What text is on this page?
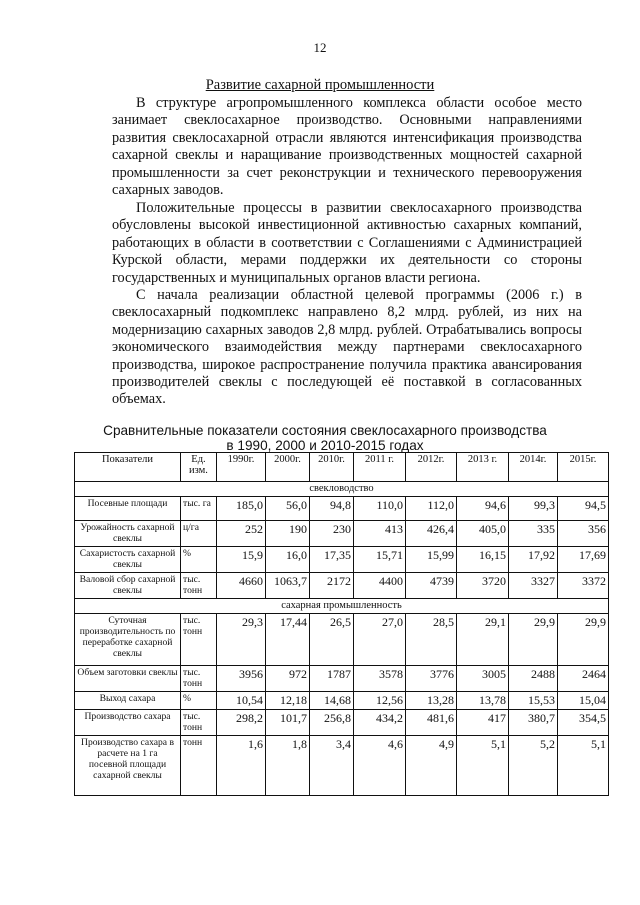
12
Развитие сахарной промышленности

В структуре агропромышленного комплекса области особое место занимает свеклосахарное производство. Основными направлениями развития свеклосахарной отрасли являются интенсификация производства сахарной свеклы и наращивание производственных мощностей сахарной промышленности за счет реконструкции и технического перевооружения сахарных заводов.

Положительные процессы в развитии свеклосахарного производства обусловлены высокой инвестиционной активностью сахарных компаний, работающих в области в соответствии с Соглашениями с Администрацией Курской области, мерами поддержки их деятельности со стороны государственных и муниципальных органов власти региона.

С начала реализации областной целевой программы (2006 г.) в свеклосахарный подкомплекс направлено 8,2 млрд. рублей, из них на модернизацию сахарных заводов 2,8 млрд. рублей. Отрабатывались вопросы экономического взаимодействия между партнерами свеклосахарного производства, широкое распространение получила практика авансирования производителей свеклы с последующей её поставкой в согласованных объемах.

Сравнительные показатели состояния свеклосахарного производства
в 1990, 2000 и 2010-2015 годах
Показатели	Ед. изм.	1990г.	2000г.	2010г.	2011 г.	2012г.	2013 г.	2014г.	2015г.
свекловодство									
Посевные площади	тыс. га	185,0	56,0	94,8	110,0	112,0	94,6	99,3	94,5
Урожайность сахарной свеклы	ц/га	252	190	230	413	426,4	405,0	335	356
Сахаристость сахарной свеклы	%	15,9	16,0	17,35	15,71	15,99	16,15	17,92	17,69
Валовой сбор сахарной свеклы	тыс. тонн	4660	1063,7	2172	4400	4739	3720	3327	3372
сахарная промышленность									
Суточная производительность по переработке сахарной свеклы	тыс. тонн	29,3	17,44	26,5	27,0	28,5	29,1	29,9	29,9
Объем заготовки свеклы	тыс. тонн	3956	972	1787	3578	3776	3005	2488	2464
Выход сахара	%	10,54	12,18	14,68	12,56	13,28	13,78	15,53	15,04
Производство сахара	тыс. тонн	298,2	101,7	256,8	434,2	481,6	417	380,7	354,5
Производство сахара в расчете на 1 га посевной площади сахарной свеклы	тонн	1,6	1,8	3,4	4,6	4,9	5,1	5,2	5,1
